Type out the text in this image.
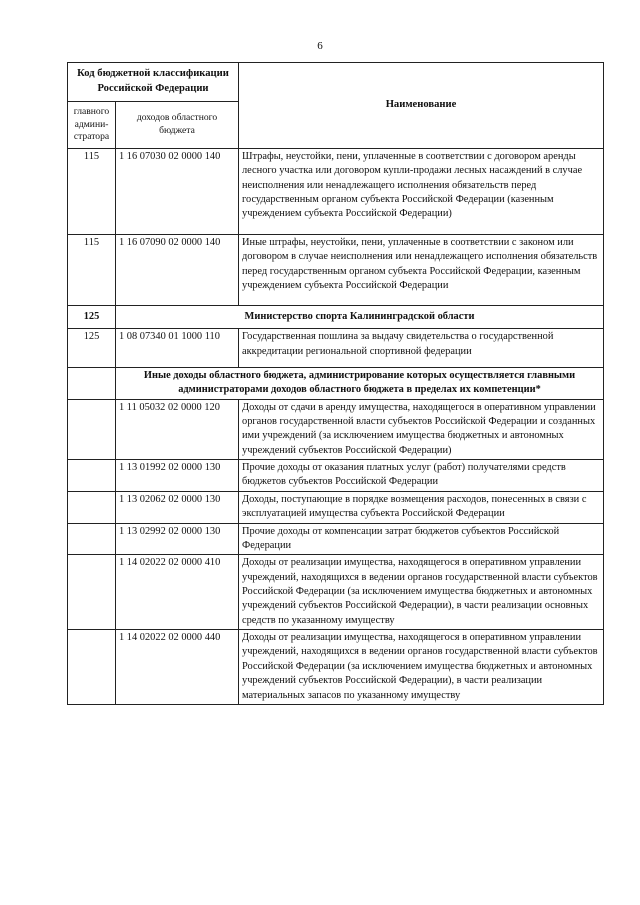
6
Код бюджетной классификации Российской Федерации		Наименование
главного админи-стратора	доходов областного бюджета	
115	1 16 07030 02 0000 140	Штрафы, неустойки, пени, уплаченные в соответствии с договором аренды лесного участка или договором купли-продажи лесных насаждений в случае неисполнения или ненадлежащего исполнения обязательств перед государственным органом субъекта Российской Федерации (казенным учреждением субъекта Российской Федерации)
115	1 16 07090 02 0000 140	Иные штрафы, неустойки, пени, уплаченные в соответствии с законом или договором в случае неисполнения или ненадлежащего исполнения обязательств перед государственным органом субъекта Российской Федерации, казенным учреждением субъекта Российской Федерации
125	Министерство спорта Калининградской области	
125	1 08 07340 01 1000 110	Государственная пошлина за выдачу свидетельства о государственной аккредитации региональной спортивной федерации
	Иные доходы областного бюджета, администрирование которых осуществляется главными администраторами доходов областного бюджета в пределах их компетенции*	
	1 11 05032 02 0000 120	Доходы от сдачи в аренду имущества, находящегося в оперативном управлении органов государственной власти субъектов Российской Федерации и созданных ими учреждений (за исключением имущества бюджетных и автономных учреждений субъектов Российской Федерации)
	1 13 01992 02 0000 130	Прочие доходы от оказания платных услуг (работ) получателями средств бюджетов субъектов Российской Федерации
	1 13 02062 02 0000 130	Доходы, поступающие в порядке возмещения расходов, понесенных в связи с эксплуатацией имущества субъекта Российской Федерации
	1 13 02992 02 0000 130	Прочие доходы от компенсации затрат бюджетов субъектов Российской Федерации
	1 14 02022 02 0000 410	Доходы от реализации имущества, находящегося в оперативном управлении учреждений, находящихся в ведении органов государственной власти субъектов Российской Федерации (за исключением имущества бюджетных и автономных учреждений субъектов Российской Федерации), в части реализации основных средств по указанному имуществу
	1 14 02022 02 0000 440	Доходы от реализации имущества, находящегося в оперативном управлении учреждений, находящихся в ведении органов государственной власти субъектов Российской Федерации (за исключением имущества бюджетных и автономных учреждений субъектов Российской Федерации), в части реализации материальных запасов по указанному имуществу
